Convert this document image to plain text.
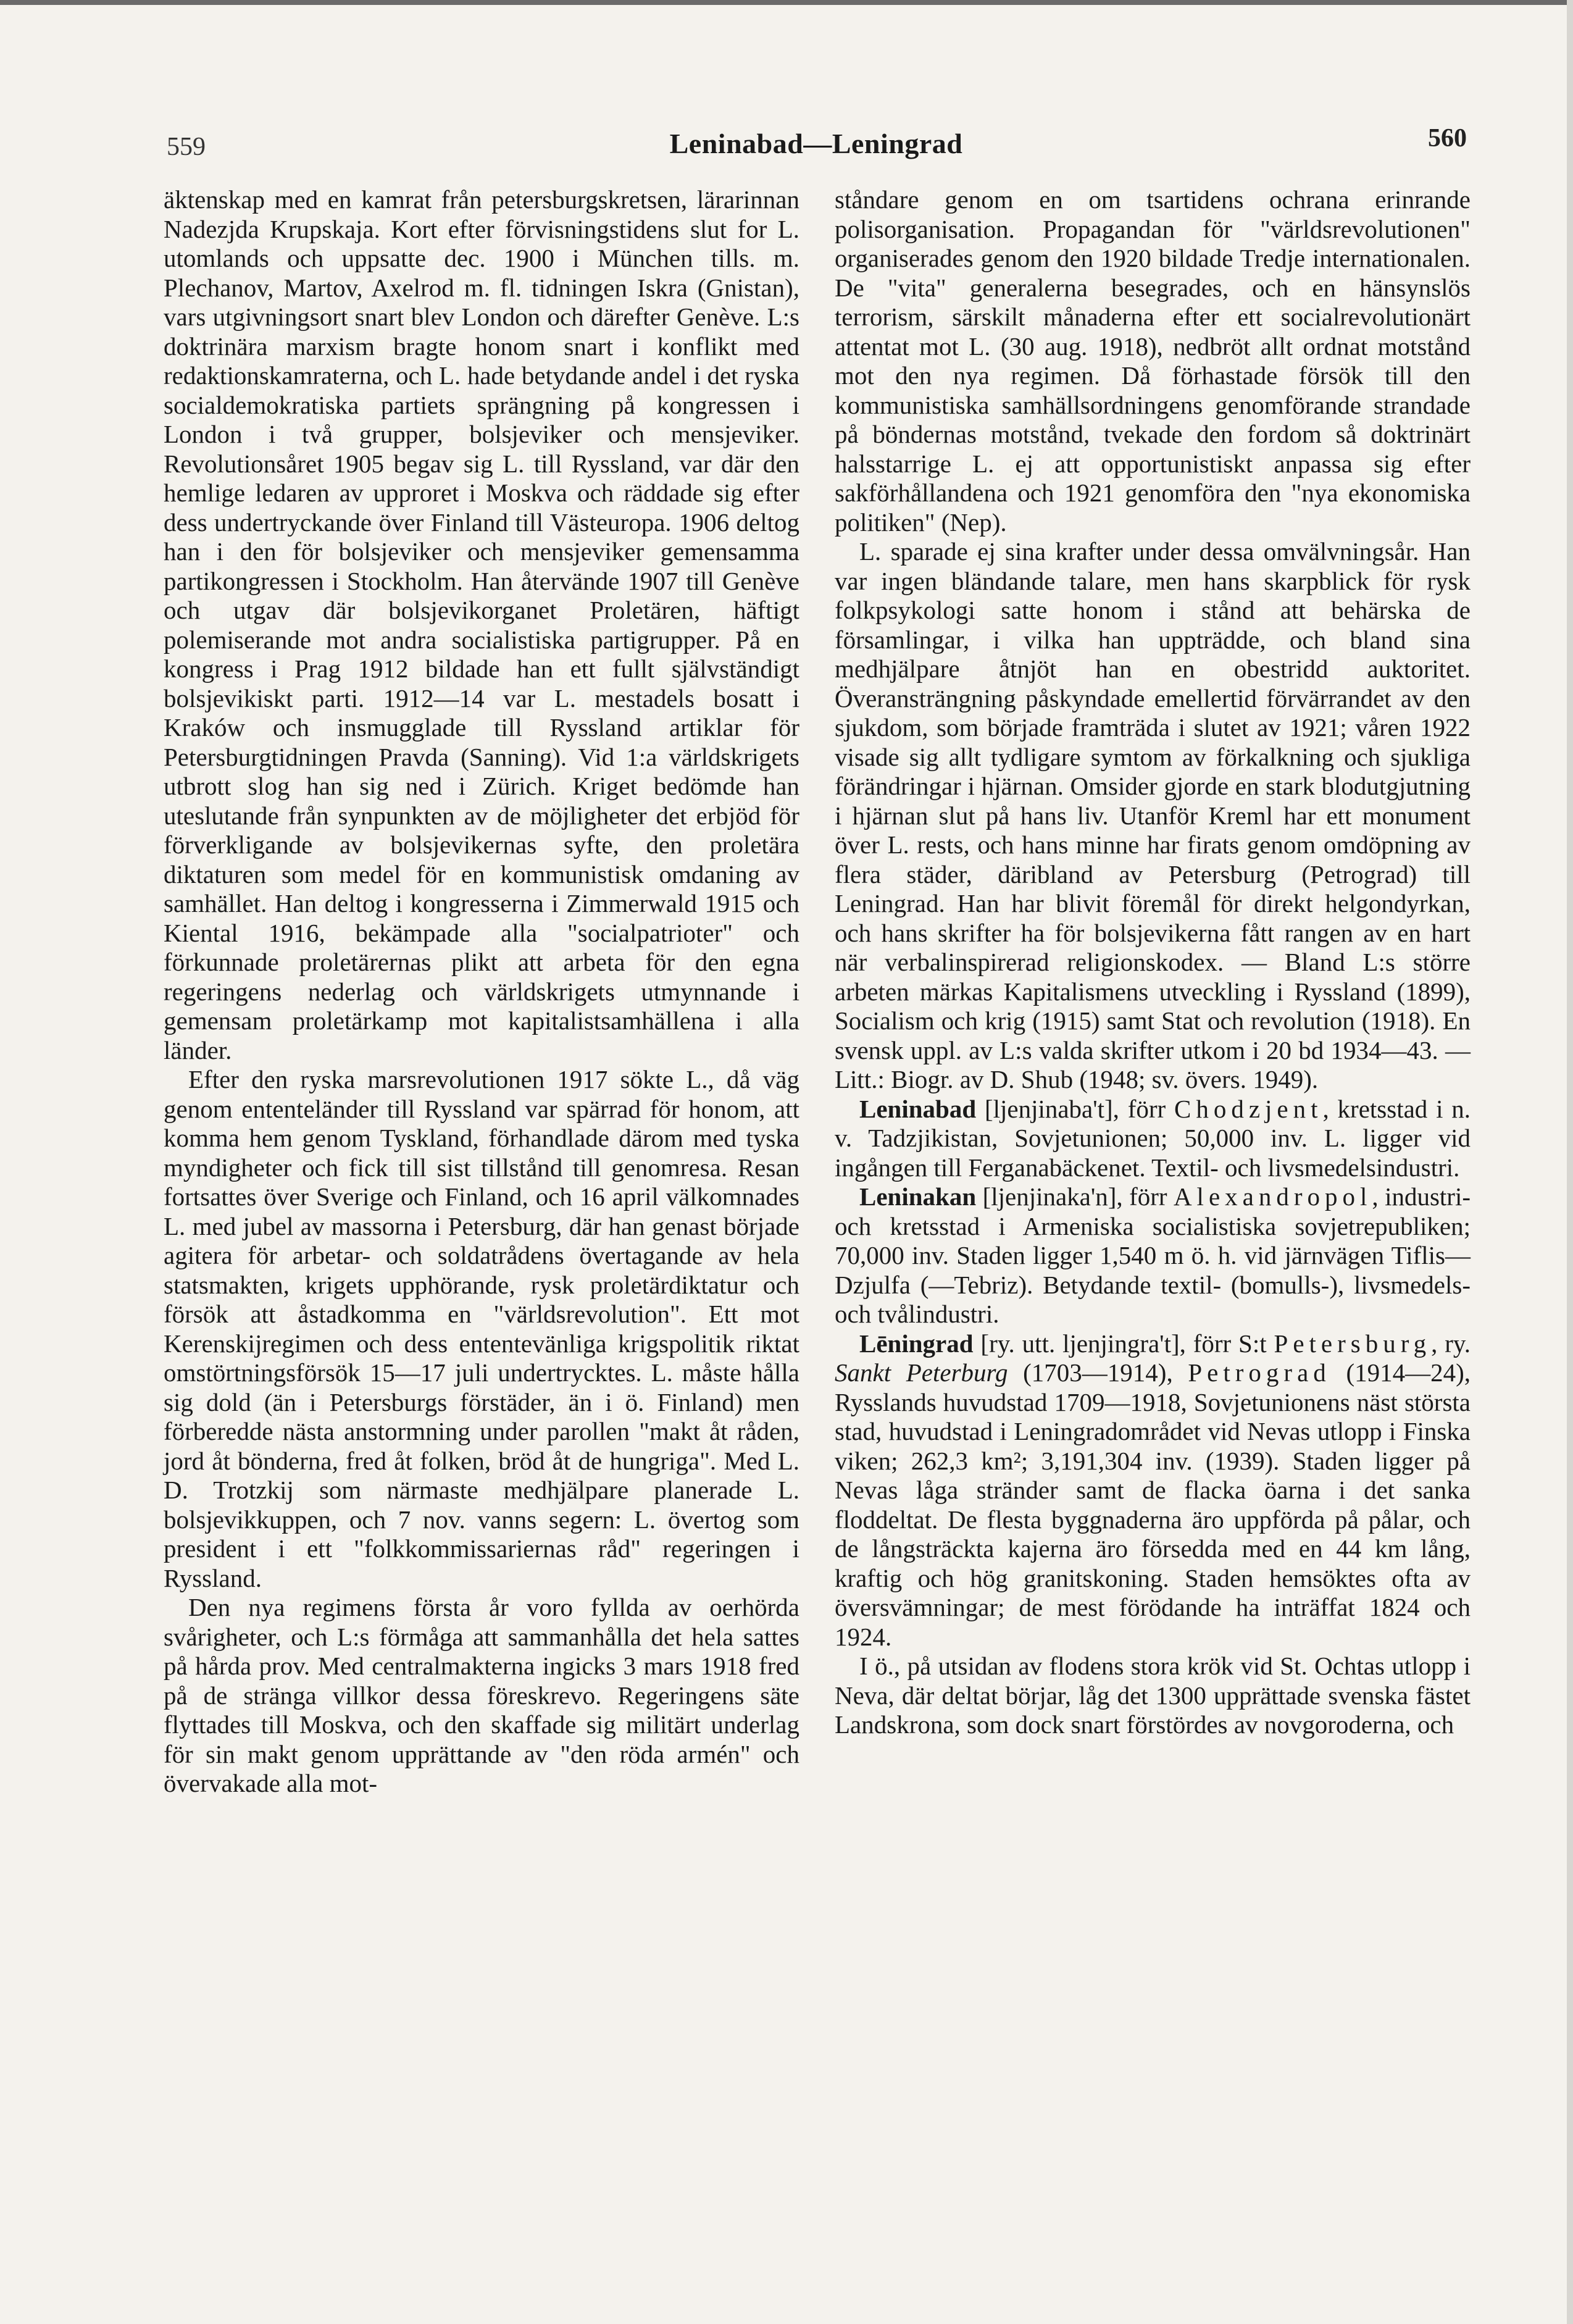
559	Leninabad—Leningrad	560

äktenskap med en kamrat från petersburgskretsen, lärarinnan Nadezjda Krupskaja. Kort efter förvisningstidens slut for L. utomlands och uppsatte dec. 1900 i München tills. m. Plechanov, Martov, Axelrod m. fl. tidningen Iskra (Gnistan), vars utgivningsort snart blev London och därefter Genève. L:s doktrinära marxism bragte honom snart i konflikt med redaktionskamraterna, och L. hade betydande andel i det ryska socialdemokratiska partiets sprängning på kongressen i London i två grupper, bolsjeviker och mensjeviker. Revolutionsåret 1905 begav sig L. till Ryssland, var där den hemlige ledaren av upproret i Moskva och räddade sig efter dess undertryckande över Finland till Västeuropa. 1906 deltog han i den för bolsjeviker och mensjeviker gemensamma partikongressen i Stockholm. Han återvände 1907 till Genève och utgav där bolsjevikorganet Proletären, häftigt polemiserande mot andra socialistiska partigrupper. På en kongress i Prag 1912 bildade han ett fullt självständigt bolsjevikiskt parti. 1912—14 var L. mestadels bosatt i Kraków och insmugglade till Ryssland artiklar för Petersburgtidningen Pravda (Sanning). Vid 1:a världskrigets utbrott slog han sig ned i Zürich. Kriget bedömde han uteslutande från synpunkten av de möjligheter det erbjöd för förverkligande av bolsjevikernas syfte, den proletära diktaturen som medel för en kommunistisk omdaning av samhället. Han deltog i kongresserna i Zimmerwald 1915 och Kiental 1916, bekämpade alla "socialpatrioter" och förkunnade proletärernas plikt att arbeta för den egna regeringens nederlag och världskrigets utmynnande i gemensam proletärkamp mot kapitalistsamhällena i alla länder.

Efter den ryska marsrevolutionen 1917 sökte L., då väg genom ententeländer till Ryssland var spärrad för honom, att komma hem genom Tyskland, förhandlade därom med tyska myndigheter och fick till sist tillstånd till genomresa. Resan fortsattes över Sverige och Finland, och 16 april välkomnades L. med jubel av massorna i Petersburg, där han genast började agitera för arbetar- och soldatrådens övertagande av hela statsmakten, krigets upphörande, rysk proletärdiktatur och försök att åstadkomma en "världsrevolution". Ett mot Kerenskijregimen och dess ententevänliga krigspolitik riktat omstörtningsförsök 15—17 juli undertrycktes. L. måste hålla sig dold (än i Petersburgs förstäder, än i ö. Finland) men förberedde nästa anstormning under parollen "makt åt råden, jord åt bönderna, fred åt folken, bröd åt de hungriga". Med L. D. Trotzkij som närmaste medhjälpare planerade L. bolsjevikkuppen, och 7 nov. vanns segern: L. övertog som president i ett "folkkommissariernas råd" regeringen i Ryssland.

Den nya regimens första år voro fyllda av oerhörda svårigheter, och L:s förmåga att sammanhålla det hela sattes på hårda prov. Med centralmakterna ingicks 3 mars 1918 fred på de stränga villkor dessa föreskrevo. Regeringens säte flyttades till Moskva, och den skaffade sig militärt underlag för sin makt genom upprättande av "den röda armén" och övervakade alla mot-

ståndare genom en om tsartidens ochrana erinrande polisorganisation. Propagandan för "världsrevolutionen" organiserades genom den 1920 bildade Tredje internationalen. De "vita" generalerna besegrades, och en hänsynslös terrorism, särskilt månaderna efter ett socialrevolutionärt attentat mot L. (30 aug. 1918), nedbröt allt ordnat motstånd mot den nya regimen. Då förhastade försök till den kommunistiska samhällsordningens genomförande strandade på böndernas motstånd, tvekade den fordom så doktrinärt halsstarrige L. ej att opportunistiskt anpassa sig efter sakförhållandena och 1921 genomföra den "nya ekonomiska politiken" (Nep).

L. sparade ej sina krafter under dessa omvälvningsår. Han var ingen bländande talare, men hans skarpblick för rysk folkpsykologi satte honom i stånd att behärska de församlingar, i vilka han uppträdde, och bland sina medhjälpare åtnjöt han en obestridd auktoritet. Överansträngning påskyndade emellertid förvärrandet av den sjukdom, som började framträda i slutet av 1921; våren 1922 visade sig allt tydligare symtom av förkalkning och sjukliga förändringar i hjärnan. Omsider gjorde en stark blodutgjutning i hjärnan slut på hans liv. Utanför Kreml har ett monument över L. rests, och hans minne har firats genom omdöpning av flera städer, däribland av Petersburg (Petrograd) till Leningrad. Han har blivit föremål för direkt helgondyrkan, och hans skrifter ha för bolsjevikerna fått rangen av en hart när verbalinspirerad religionskodex. — Bland L:s större arbeten märkas Kapitalismens utveckling i Ryssland (1899), Socialism och krig (1915) samt Stat och revolution (1918). En svensk uppl. av L:s valda skrifter utkom i 20 bd 1934—43. — Litt.: Biogr. av D. Shub (1948; sv. övers. 1949).

Leninabad [ljenjinaba't], förr Chodzjent, kretsstad i n. v. Tadzjikistan, Sovjetunionen; 50,000 inv. L. ligger vid ingången till Ferganabäckenet. Textil- och livsmedelsindustri.

Leninakan [ljenjinaka'n], förr Alexandropol, industri- och kretsstad i Armeniska socialistiska sovjetrepubliken; 70,000 inv. Staden ligger 1,540 m ö. h. vid järnvägen Tiflis—Dzjulfa (—Tebriz). Betydande textil- (bomulls-), livsmedels- och tvålindustri.

Lēningrad [ry. utt. ljenjingra't], förr S:t Petersburg, ry. Sankt Peterburg (1703—1914), Petrograd (1914—24), Rysslands huvudstad 1709—1918, Sovjetunionens näst största stad, huvudstad i Leningradområdet vid Nevas utlopp i Finska viken; 262,3 km²; 3,191,304 inv. (1939). Staden ligger på Nevas låga stränder samt de flacka öarna i det sanka floddeltat. De flesta byggnaderna äro uppförda på pålar, och de långsträckta kajerna äro försedda med en 44 km lång, kraftig och hög granitskoning. Staden hemsöktes ofta av översvämningar; de mest förödande ha inträffat 1824 och 1924.

I ö., på utsidan av flodens stora krök vid St. Ochtas utlopp i Neva, där deltat börjar, låg det 1300 upprättade svenska fästet Landskrona, som dock snart förstördes av novgoroderna, och
